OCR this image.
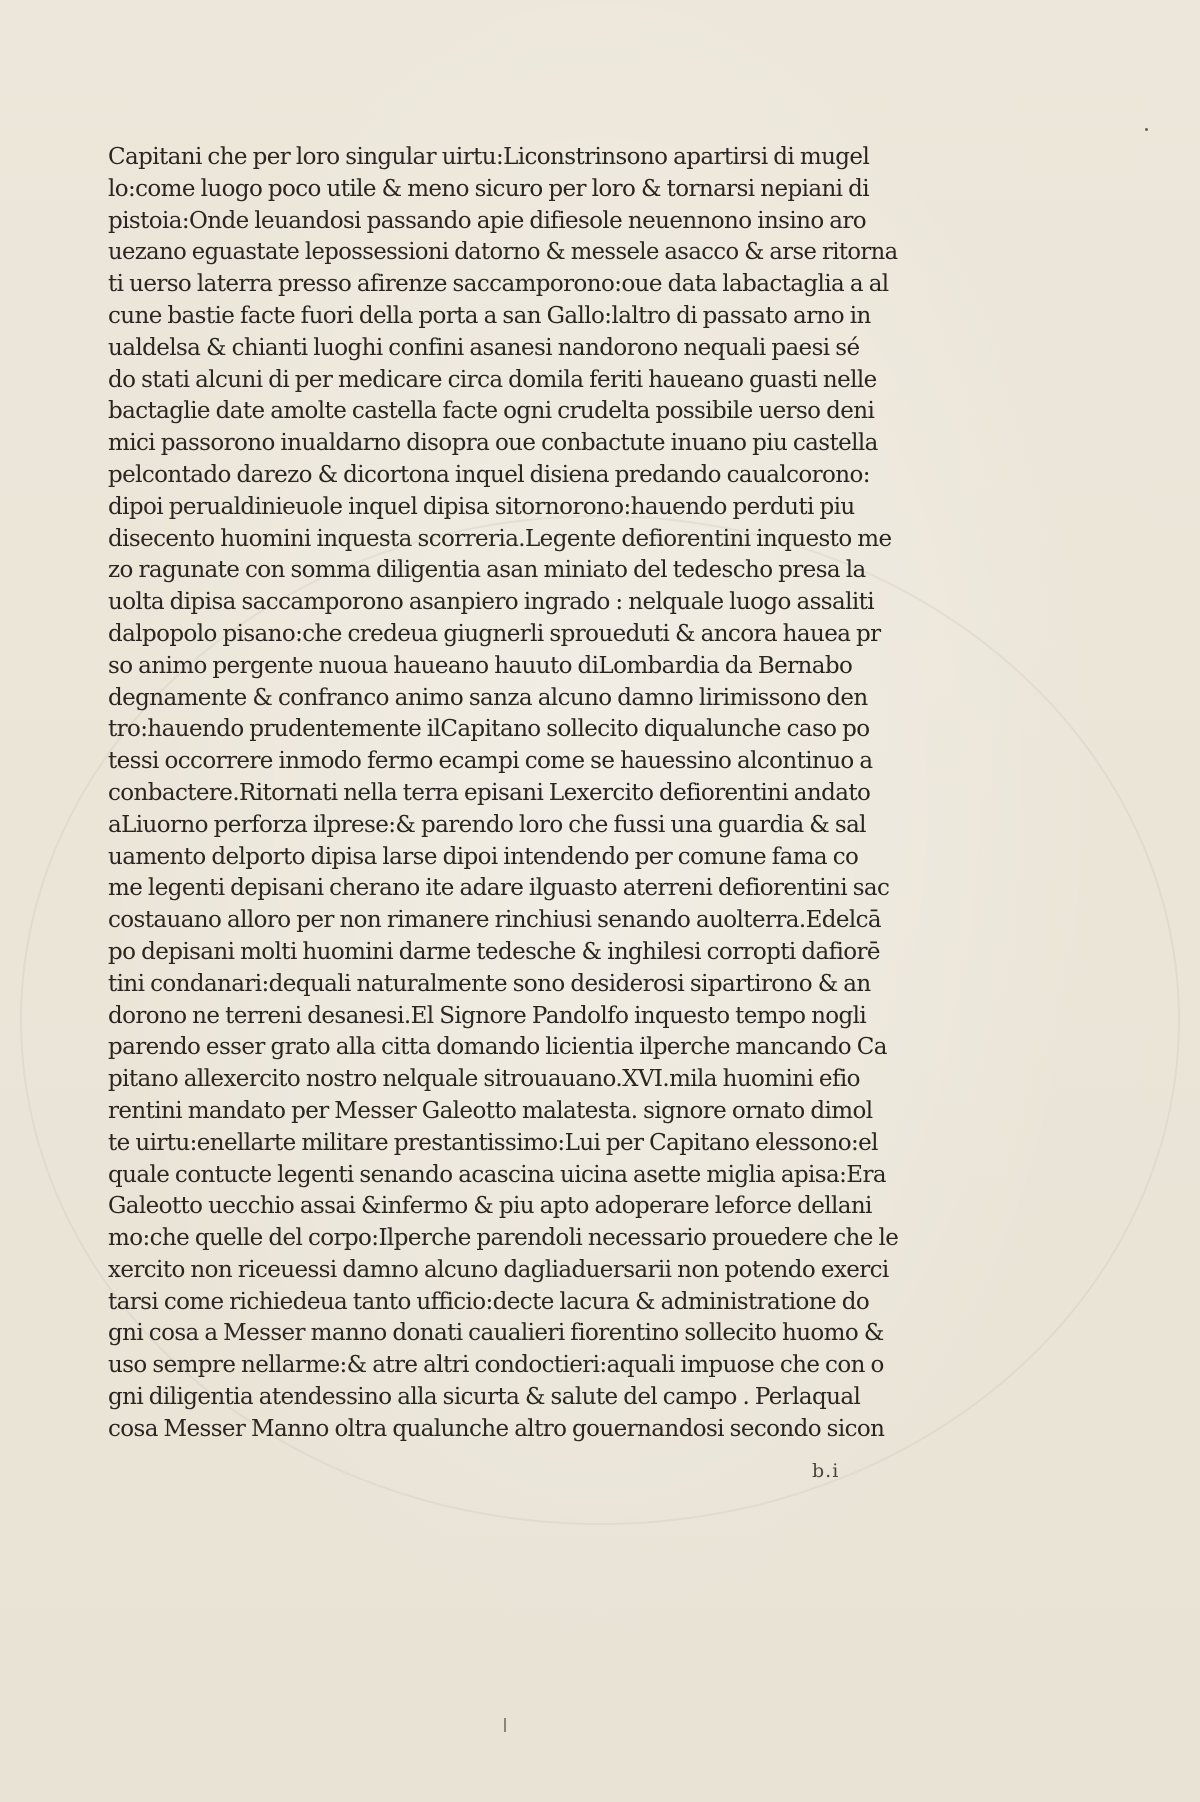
Capitani che per loro singular uirtu:Liconstrinsono apartirsi di mugel
lo:come luogo poco utile & meno sicuro per loro & tornarsi nepiani di
pistoia:Onde leuandosi passando apie difiesole neuennono insino aro
uezano eguastate lepossessioni datorno & messele asacco & arse ritorna
ti uerso laterra presso afirenze saccamporono:oue data labactaglia a al
cune bastie facte fuori della porta a san Gallo:laltro di passato arno in
ualdelsa & chianti luoghi confini asanesi nandorono nequali paesi sé
do stati alcuni di per medicare circa domila feriti haueano guasti nelle
bactaglie date amolte castella facte ogni crudelta possibile uerso deni
mici passorono inualdarno disopra oue conbactute inuano piu castella
pelcontado darezo & dicortona inquel disiena predando caualcorono:
dipoi perualdinieuole inquel dipisa sitornorono:hauendo perduti piu
disecento huomini inquesta scorreria.Legente defiorentini inquesto me
zo ragunate con somma diligentia asan miniato del tedescho presa la
uolta dipisa saccamporono asanpiero ingrado : nelquale luogo assaliti
dalpopolo pisano:che credeua giugnerli sproueduti & ancora hauea pr
so animo pergente nuoua haueano hauuto diLombardia da Bernabo
degnamente & confranco animo sanza alcuno damno lirimissono den
tro:hauendo prudentemente ilCapitano sollecito diqualunche caso po
tessi occorrere inmodo fermo ecampi come se hauessino alcontinuo a
conbactere.Ritornati nella terra episani Lexercito defiorentini andato
aLiuorno perforza ilprese:& parendo loro che fussi una guardia & sal
uamento delporto dipisa larse dipoi intendendo per comune fama co
me legenti depisani cherano ite adare ilguasto aterreni defiorentini sac
costauano alloro per non rimanere rinchiusi senando auolterra.Edelcā
po depisani molti huomini darme tedesche & inghilesi corropti dafiorē
tini condanari:dequali naturalmente sono desiderosi sipartirono & an
dorono ne terreni desanesi.El Signore Pandolfo inquesto tempo nogli
parendo esser grato alla citta domando licientia ilperche mancando Ca
pitano allexercito nostro nelquale sitrouauano.XVI.mila huomini efio
rentini mandato per Messer Galeotto malatesta. signore ornato dimol
te uirtu:enellarte militare prestantissimo:Lui per Capitano elessono:el
quale contucte legenti senando acascina uicina asette miglia apisa:Era
Galeotto uecchio assai &infermo & piu apto adoperare leforce dellani
mo:che quelle del corpo:Ilperche parendoli necessario prouedere che le
xercito non riceuessi damno alcuno dagliaduersarii non potendo exerci
tarsi come richiedeua tanto ufficio:decte lacura & administratione do
gni cosa a Messer manno donati caualieri fiorentino sollecito huomo &
uso sempre nellarme:& atre altri condoctieri:aquali impuose che con o
gni diligentia atendessino alla sicurta & salute del campo . Perlaqual
cosa Messer Manno oltra qualunche altro gouernandosi secondo sicon
b.i
